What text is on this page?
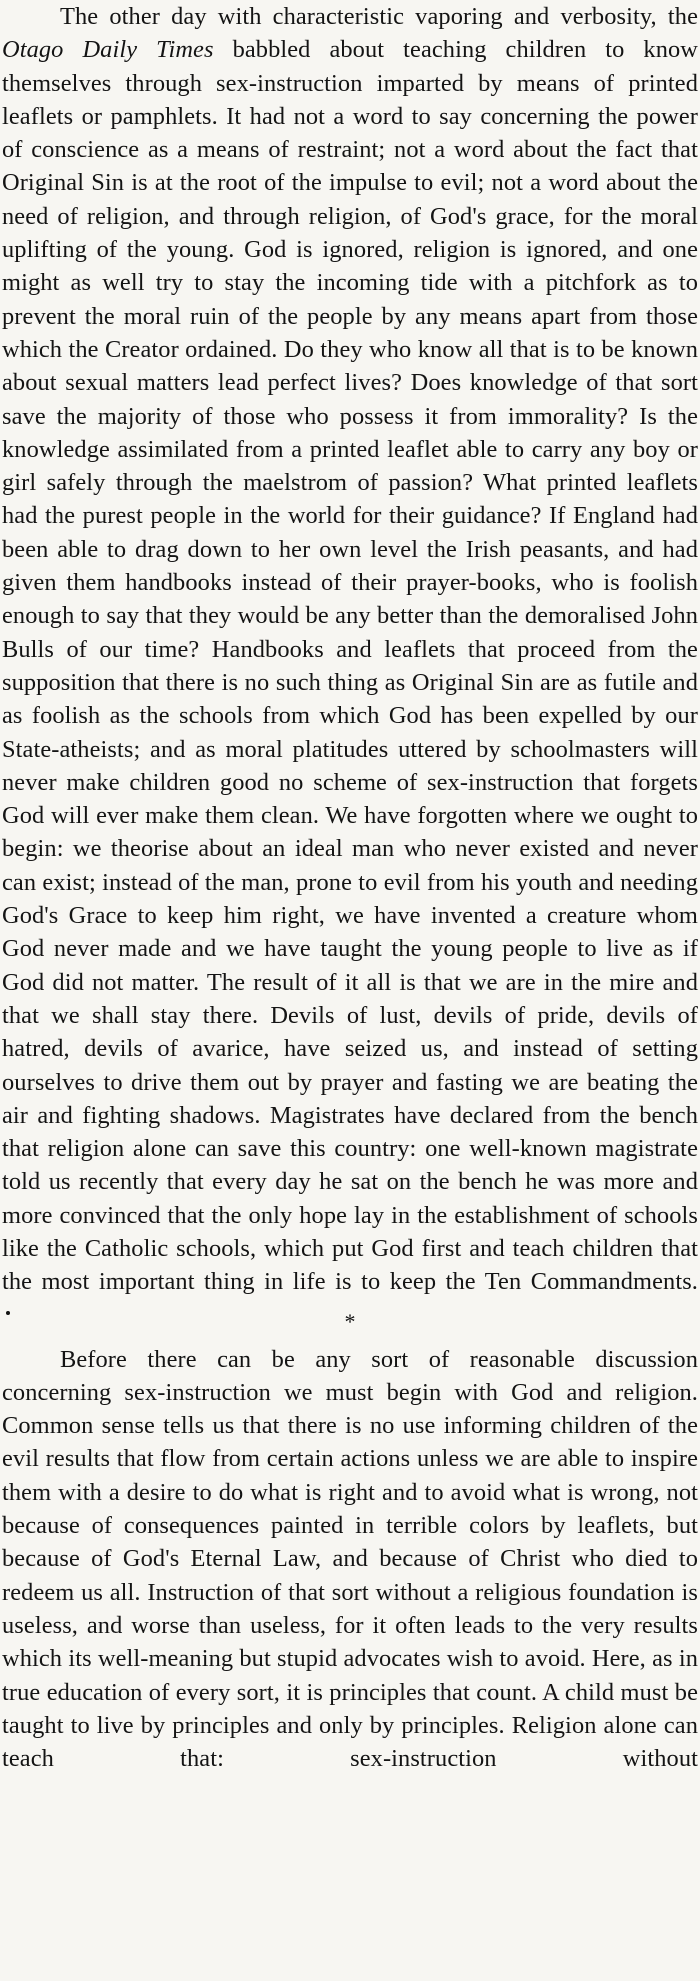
The other day with characteristic vaporing and verbosity, the Otago Daily Times babbled about teaching children to know themselves through sex-instruction imparted by means of printed leaflets or pamphlets. It had not a word to say concerning the power of conscience as a means of restraint; not a word about the fact that Original Sin is at the root of the impulse to evil; not a word about the need of religion, and through religion, of God's grace, for the moral uplifting of the young. God is ignored, religion is ignored, and one might as well try to stay the incoming tide with a pitchfork as to prevent the moral ruin of the people by any means apart from those which the Creator ordained. Do they who know all that is to be known about sexual matters lead perfect lives? Does knowledge of that sort save the majority of those who possess it from immorality? Is the knowledge assimilated from a printed leaflet able to carry any boy or girl safely through the maelstrom of passion? What printed leaflets had the purest people in the world for their guidance? If England had been able to drag down to her own level the Irish peasants, and had given them handbooks instead of their prayer-books, who is foolish enough to say that they would be any better than the demoralised John Bulls of our time? Handbooks and leaflets that proceed from the supposition that there is no such thing as Original Sin are as futile and as foolish as the schools from which God has been expelled by our State-atheists; and as moral platitudes uttered by schoolmasters will never make children good no scheme of sex-instruction that forgets God will ever make them clean. We have forgotten where we ought to begin: we theorise about an ideal man who never existed and never can exist; instead of the man, prone to evil from his youth and needing God's Grace to keep him right, we have invented a creature whom God never made and we have taught the young people to live as if God did not matter. The result of it all is that we are in the mire and that we shall stay there. Devils of lust, devils of pride, devils of hatred, devils of avarice, have seized us, and instead of setting ourselves to drive them out by prayer and fasting we are beating the air and fighting shadows. Magistrates have declared from the bench that religion alone can save this country: one well-known magistrate told us recently that every day he sat on the bench he was more and more convinced that the only hope lay in the establishment of schools like the Catholic schools, which put God first and teach children that the most important thing in life is to keep the Ten Commandments.

*

Before there can be any sort of reasonable discussion concerning sex-instruction we must begin with God and religion. Common sense tells us that there is no use informing children of the evil results that flow from certain actions unless we are able to inspire them with a desire to do what is right and to avoid what is wrong, not because of consequences painted in terrible colors by leaflets, but because of God's Eternal Law, and because of Christ who died to redeem us all. Instruction of that sort without a religious foundation is useless, and worse than useless, for it often leads to the very results which its well-meaning but stupid advocates wish to avoid. Here, as in true education of every sort, it is principles that count. A child must be taught to live by principles and only by principles. Religion alone can teach that: sex-instruction without
